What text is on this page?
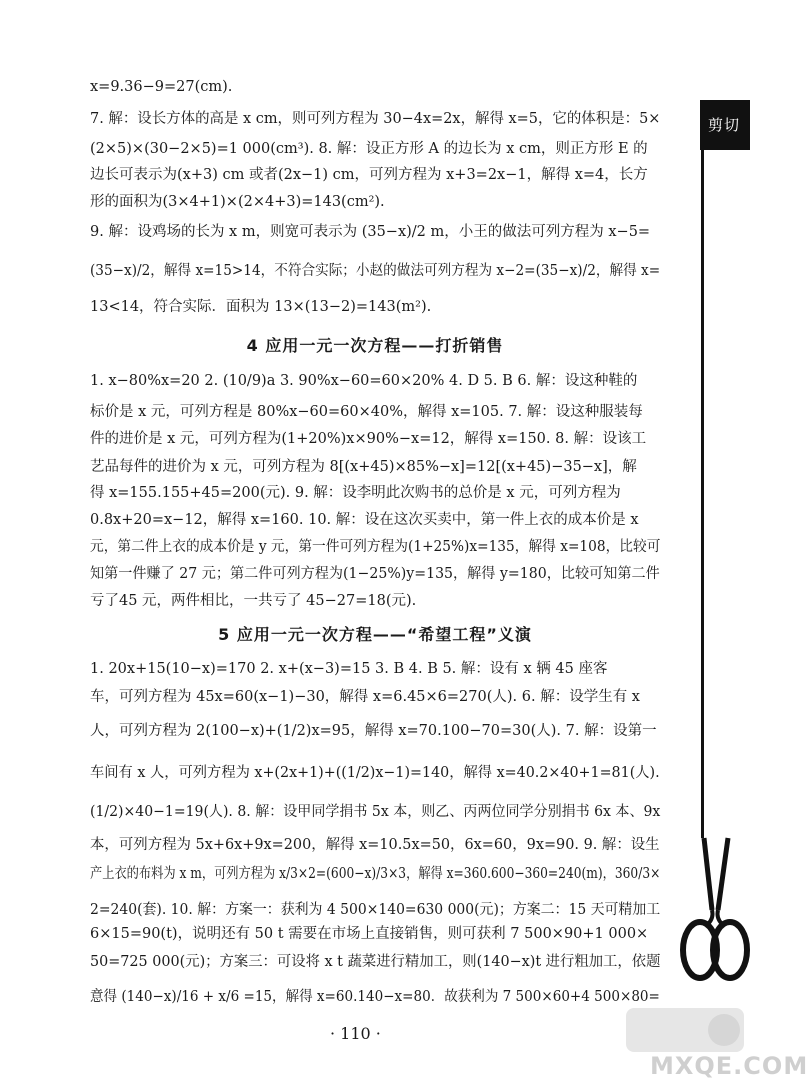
剪切线
x=9.36−9=27(cm).
7. 解：设长方体的高是 x cm，则可列方程为 30−4x=2x，解得 x=5，它的体积是：5×
(2×5)×(30−2×5)=1 000(cm³). 8. 解：设正方形 A 的边长为 x cm，则正方形 E 的
边长可表示为(x+3) cm 或者(2x−1) cm，可列方程为 x+3=2x−1，解得 x=4，长方
形的面积为(3×4+1)×(2×4+3)=143(cm²).
9. 解：设鸡场的长为 x m，则宽可表示为 (35−x)/2 m，小王的做法可列方程为 x−5=
(35−x)/2，解得 x=15>14，不符合实际；小赵的做法可列方程为 x−2=(35−x)/2，解得 x=
13<14，符合实际．面积为 13×(13−2)=143(m²).
4 应用一元一次方程——打折销售
1. x−80%x=20 2. (10/9)a 3. 90%x−60=60×20% 4. D 5. B 6. 解：设这种鞋的
标价是 x 元，可列方程是 80%x−60=60×40%，解得 x=105. 7. 解：设这种服装每
件的进价是 x 元，可列方程为(1+20%)x×90%−x=12，解得 x=150. 8. 解：设该工
艺品每件的进价为 x 元，可列方程为 8[(x+45)×85%−x]=12[(x+45)−35−x]，解
得 x=155.155+45=200(元). 9. 解：设李明此次购书的总价是 x 元，可列方程为
0.8x+20=x−12，解得 x=160. 10. 解：设在这次买卖中，第一件上衣的成本价是 x
元，第二件上衣的成本价是 y 元，第一件可列方程为(1+25%)x=135，解得 x=108，比较可
知第一件赚了 27 元；第二件可列方程为(1−25%)y=135，解得 y=180，比较可知第二件
亏了45 元，两件相比，一共亏了 45−27=18(元).
5 应用一元一次方程——“希望工程”义演
1. 20x+15(10−x)=170 2. x+(x−3)=15 3. B 4. B 5. 解：设有 x 辆 45 座客
车，可列方程为 45x=60(x−1)−30，解得 x=6.45×6=270(人). 6. 解：设学生有 x
人，可列方程为 2(100−x)+(1/2)x=95，解得 x=70.100−70=30(人). 7. 解：设第一
车间有 x 人，可列方程为 x+(2x+1)+((1/2)x−1)=140，解得 x=40.2×40+1=81(人).
(1/2)×40−1=19(人). 8. 解：设甲同学捐书 5x 本，则乙、丙两位同学分别捐书 6x 本、9x
本，可列方程为 5x+6x+9x=200，解得 x=10.5x=50，6x=60，9x=90. 9. 解：设生
产上衣的布料为 x m，可列方程为 x/3×2=(600−x)/3×3，解得 x=360.600−360=240(m)，360/3×
2=240(套). 10. 解：方案一：获利为 4 500×140=630 000(元)；方案二：15 天可精加工
6×15=90(t)，说明还有 50 t 需要在市场上直接销售，则可获利 7 500×90+1 000×
50=725 000(元)；方案三：可设将 x t 蔬菜进行精加工，则(140−x)t 进行粗加工，依题
意得 (140−x)/16 + x/6 =15，解得 x=60.140−x=80．故获利为 7 500×60+4 500×80=
· 110 ·
MXQE.COM
